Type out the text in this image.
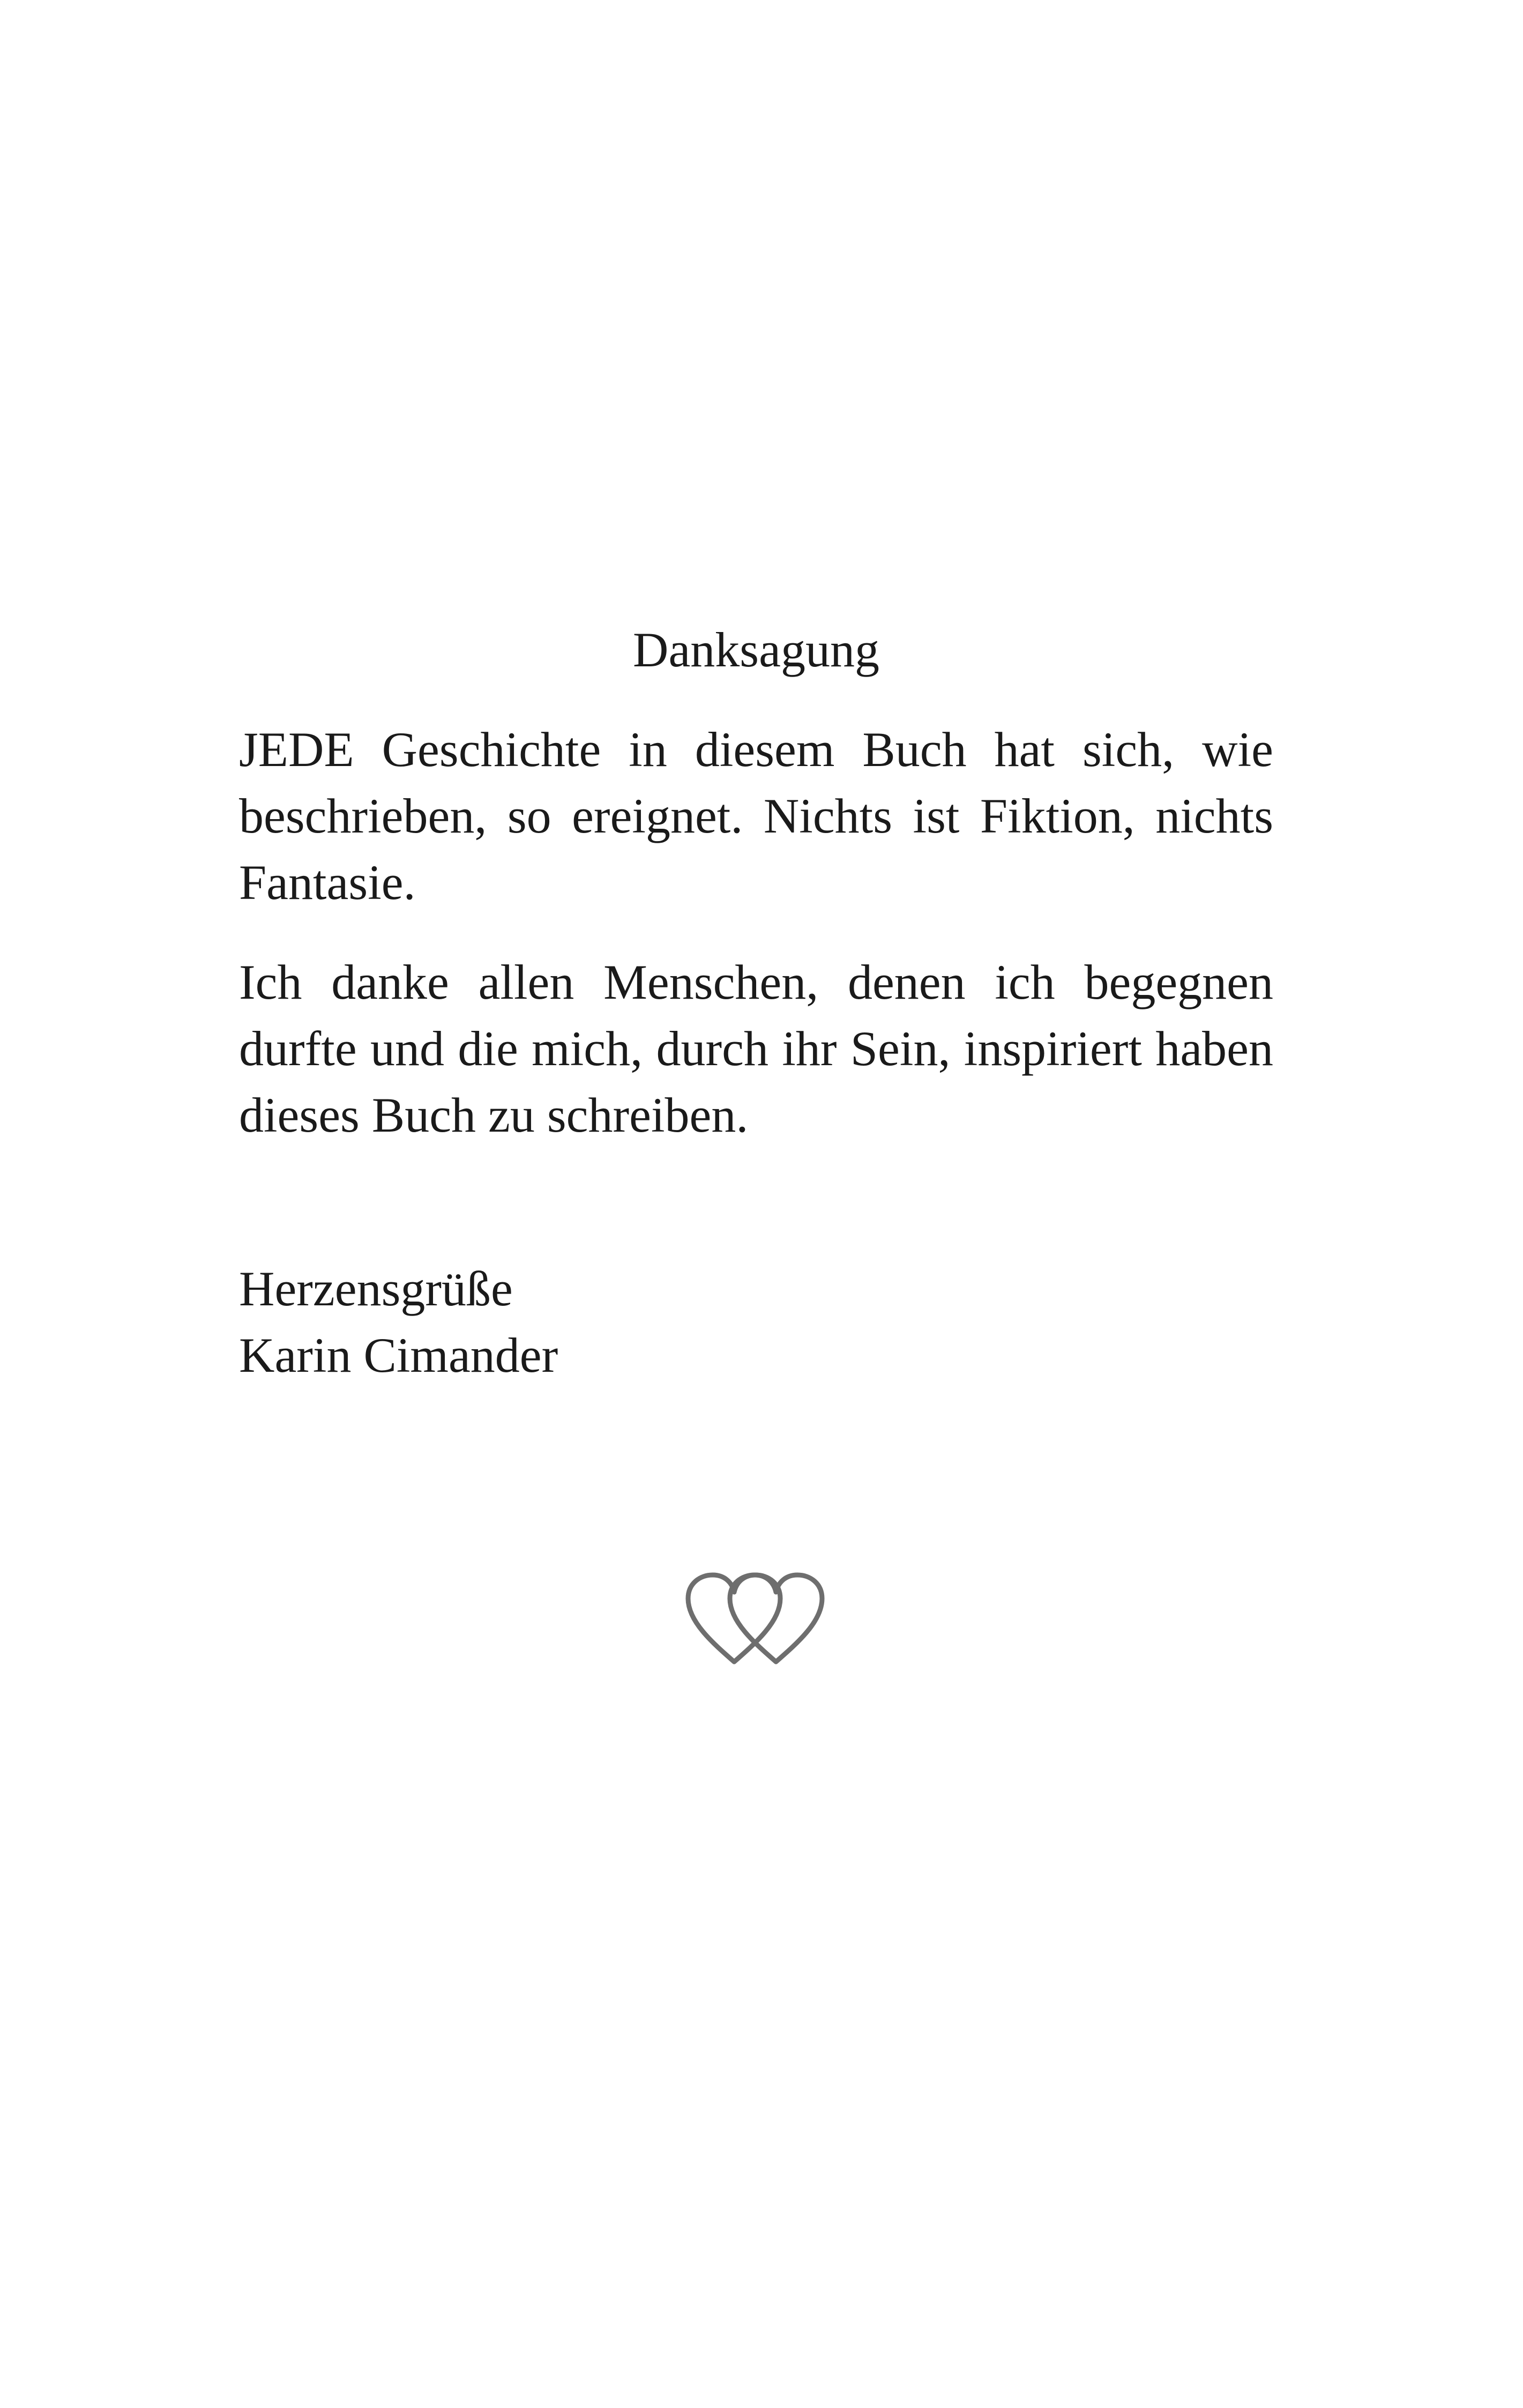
Danksagung

JEDE Geschichte in diesem Buch hat sich, wie beschrieben, so ereignet. Nichts ist Fiktion, nichts Fantasie.

Ich danke allen Menschen, denen ich begegnen durfte und die mich, durch ihr Sein, inspiriert haben dieses Buch zu schreiben.

Herzensgrüße
Karin Cimander
